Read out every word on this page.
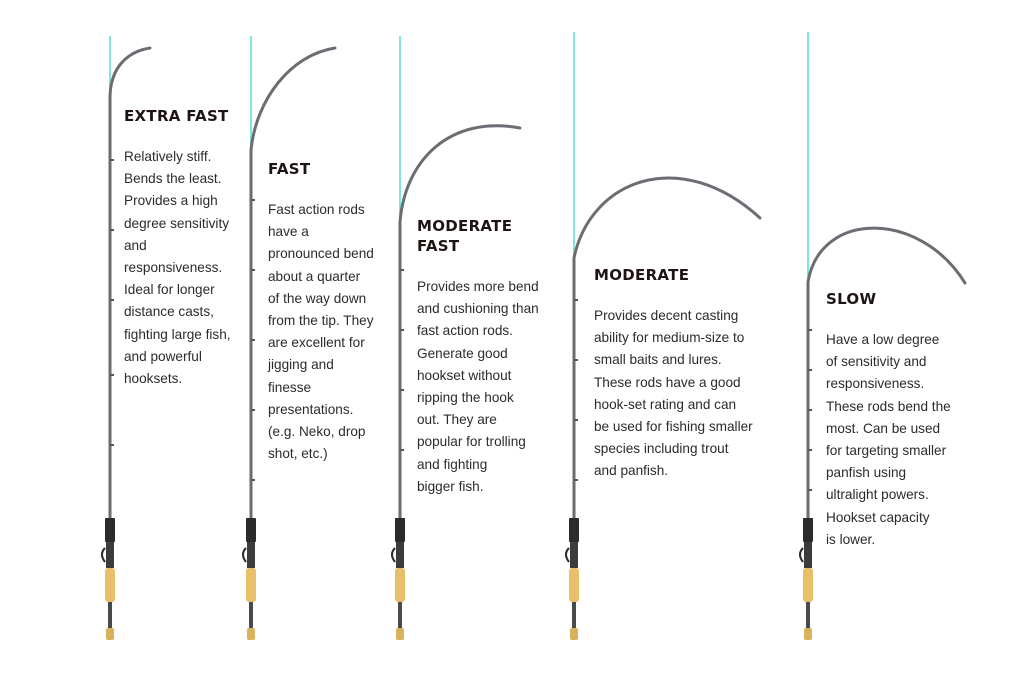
EXTRA FAST

Relatively stiff.
Bends the least.
Provides a high
degree sensitivity
and
responsiveness.
Ideal for longer
distance casts,
fighting large fish,
and powerful
hooksets.

FAST

Fast action rods
have a
pronounced bend
about a quarter
of the way down
from the tip. They
are excellent for
jigging and
finesse
presentations.
(e.g. Neko, drop
shot, etc.)

MODERATE
FAST

Provides more bend
and cushioning than
fast action rods.
Generate good
hookset without
ripping the hook
out. They are
popular for trolling
and fighting
bigger fish.

MODERATE

Provides decent casting
ability for medium-size to
small baits and lures.
These rods have a good
hook-set rating and can
be used for fishing smaller
species including trout
and panfish.

SLOW

Have a low degree
of sensitivity and
responsiveness.
These rods bend the
most. Can be used
for targeting smaller
panfish using
ultralight powers.
Hookset capacity
is lower.
